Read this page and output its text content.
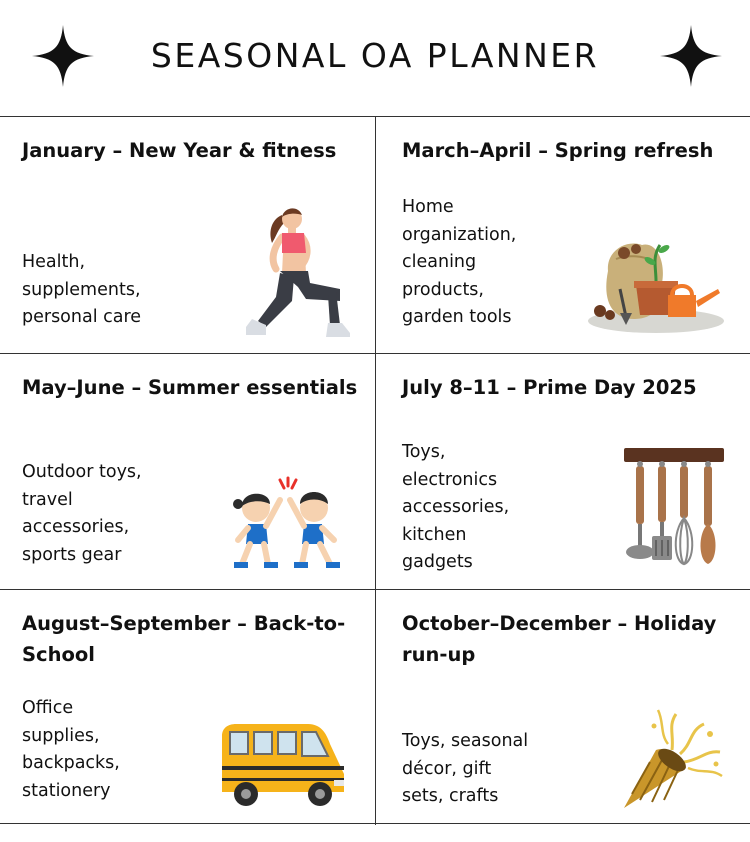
SEASONAL OA PLANNER
January – New Year & fitness
Health,
supplements,
personal care
March–April – Spring refresh
Home
organization,
cleaning
products,
garden tools
May–June – Summer essentials
Outdoor toys,
travel
accessories,
sports gear
July 8–11 – Prime Day 2025
Toys,
electronics
accessories,
kitchen
gadgets
August–September – Back-to-School
Office
supplies,
backpacks,
stationery
October–December – Holiday run-up
Toys, seasonal
décor, gift
sets, crafts
